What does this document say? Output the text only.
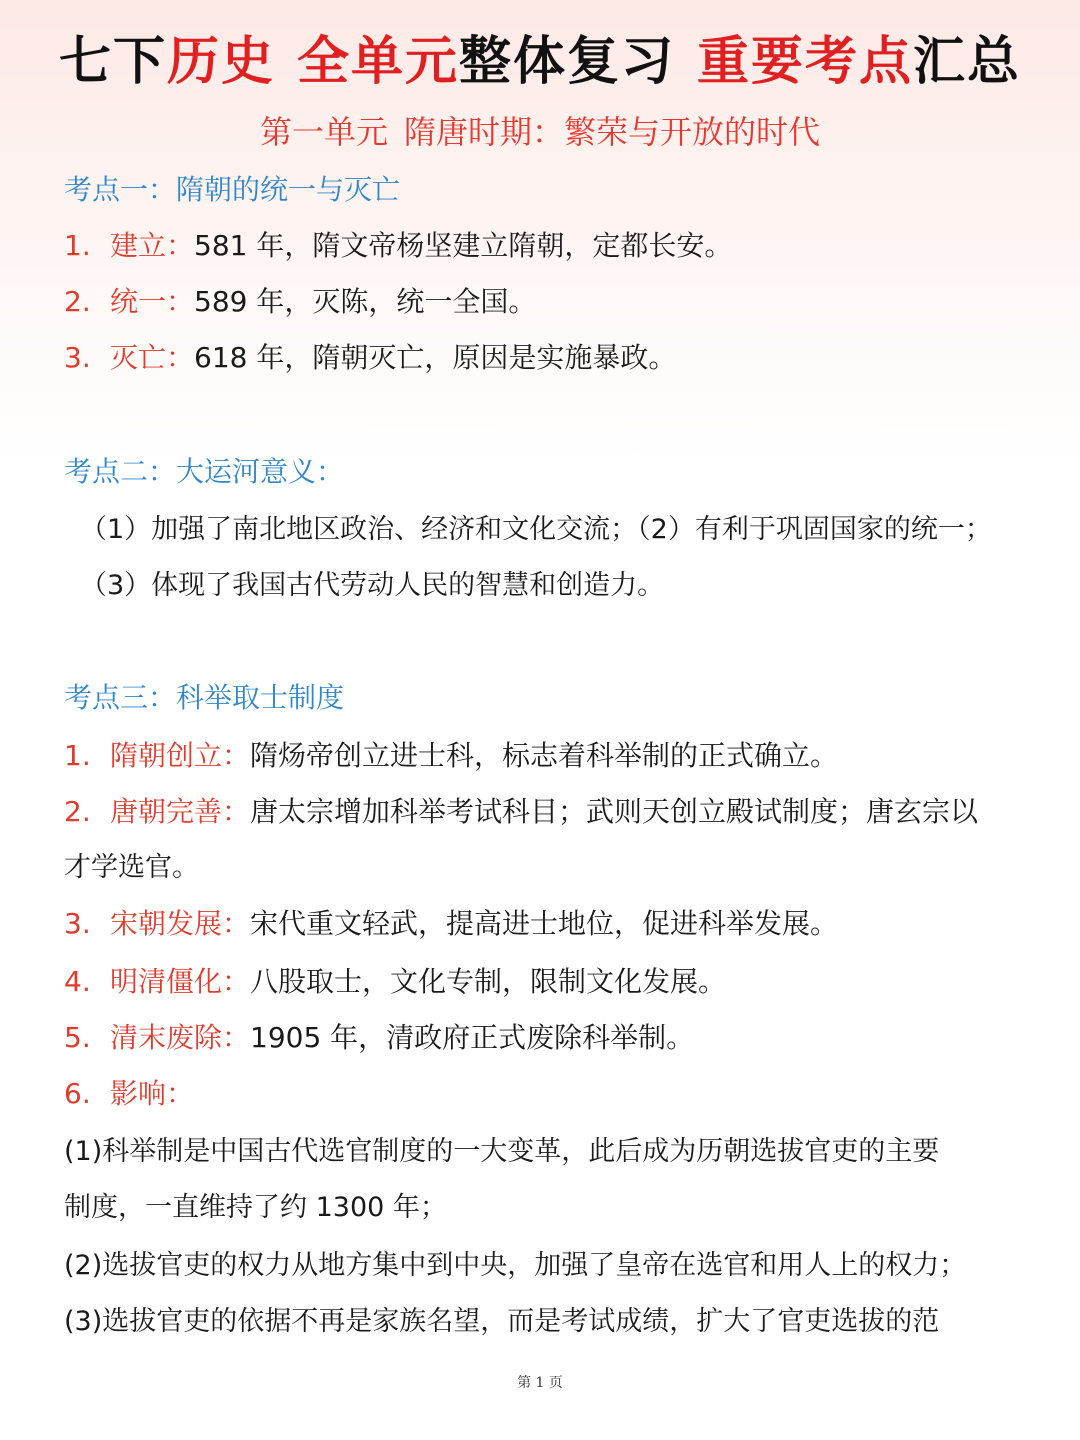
七下历史 全单元整体复习 重要考点汇总
第一单元 隋唐时期：繁荣与开放的时代
考点一：隋朝的统一与灭亡
1. 建立：581 年，隋文帝杨坚建立隋朝，定都长安。
2. 统一：589 年，灭陈，统一全国。
3. 灭亡：618 年，隋朝灭亡，原因是实施暴政。
考点二：大运河意义：
（1）加强了南北地区政治、经济和文化交流；（2）有利于巩固国家的统一；
（3）体现了我国古代劳动人民的智慧和创造力。
考点三：科举取士制度
1. 隋朝创立：隋炀帝创立进士科，标志着科举制的正式确立。
2. 唐朝完善：唐太宗增加科举考试科目；武则天创立殿试制度；唐玄宗以
才学选官。
3. 宋朝发展：宋代重文轻武，提高进士地位，促进科举发展。
4. 明清僵化：八股取士，文化专制，限制文化发展。
5. 清末废除：1905 年，清政府正式废除科举制。
6. 影响：
(1)科举制是中国古代选官制度的一大变革，此后成为历朝选拔官吏的主要
制度，一直维持了约 1300 年；
(2)选拔官吏的权力从地方集中到中央，加强了皇帝在选官和用人上的权力；
(3)选拔官吏的依据不再是家族名望，而是考试成绩，扩大了官吏选拔的范
第 1 页
